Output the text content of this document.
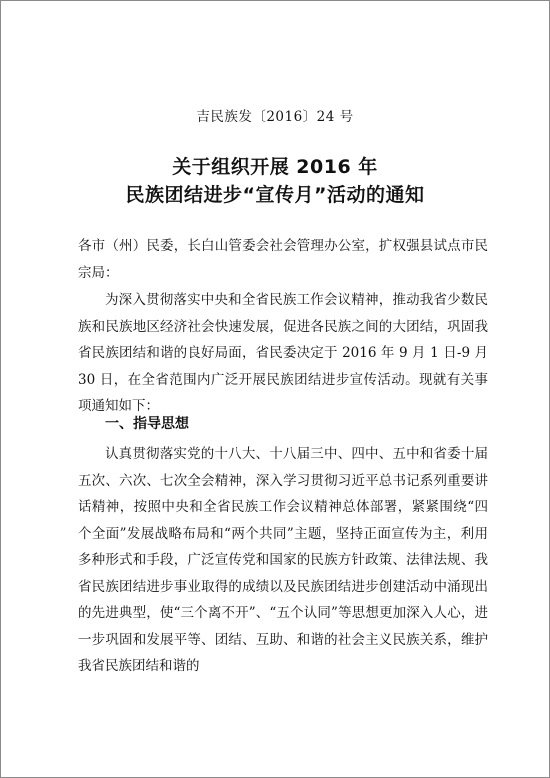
吉民族发〔2016〕24 号
关于组织开展 2016 年
民族团结进步“宣传月”活动的通知
各市（州）民委，长白山管委会社会管理办公室，扩权强县试点市民宗局：
为深入贯彻落实中央和全省民族工作会议精神，推动我省少数民族和民族地区经济社会快速发展，促进各民族之间的大团结，巩固我省民族团结和谐的良好局面，省民委决定于 2016 年 9 月 1 日-9 月 30 日，在全省范围内广泛开展民族团结进步宣传活动。现就有关事项通知如下：
一、指导思想
认真贯彻落实党的十八大、十八届三中、四中、五中和省委十届五次、六次、七次全会精神，深入学习贯彻习近平总书记系列重要讲话精神，按照中央和全省民族工作会议精神总体部署，紧紧围绕“四个全面”发展战略布局和“两个共同”主题，坚持正面宣传为主，利用多种形式和手段，广泛宣传党和国家的民族方针政策、法律法规、我省民族团结进步事业取得的成绩以及民族团结进步创建活动中涌现出的先进典型，使“三个离不开”、“五个认同”等思想更加深入人心，进一步巩固和发展平等、团结、互助、和谐的社会主义民族关系，维护我省民族团结和谐的
